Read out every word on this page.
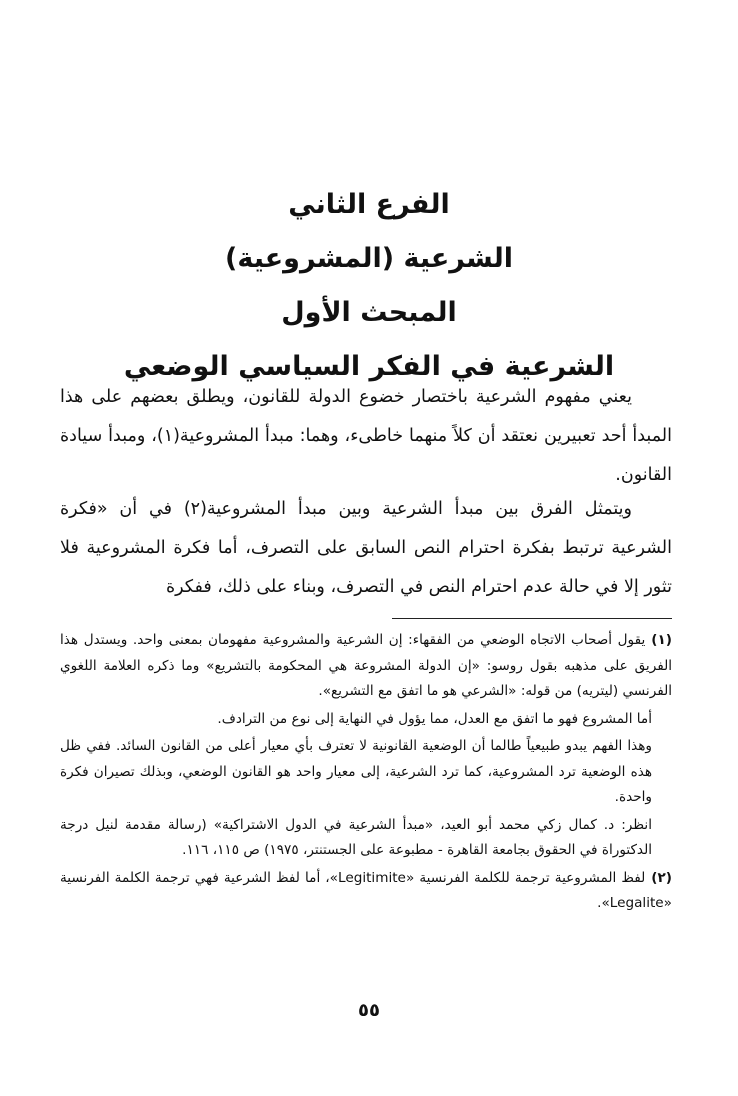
الفرع الثاني

الشرعية (المشروعية)

المبحث الأول

الشرعية في الفكر السياسي الوضعي

يعني مفهوم الشرعية باختصار خضوع الدولة للقانون، ويطلق بعضهم على هذا المبدأ أحد تعبيرين نعتقد أن كلاً منهما خاطىء، وهما: مبدأ المشروعية(١)، ومبدأ سيادة القانون.

ويتمثل الفرق بين مبدأ الشرعية وبين مبدأ المشروعية(٢) في أن «فكرة الشرعية ترتبط بفكرة احترام النص السابق على التصرف، أما فكرة المشروعية فلا تثور إلا في حالة عدم احترام النص في التصرف، وبناء على ذلك، ففكرة

(١)يقول أصحاب الاتجاه الوضعي من الفقهاء: إن الشرعية والمشروعية مفهومان بمعنى واحد. ويستدل هذا الفريق على مذهبه بقول روسو: «إن الدولة المشروعة هي المحكومة بالتشريع» وما ذكره العلامة اللغوي الفرنسي (ليتريه) من قوله: «الشرعي هو ما اتفق مع التشريع».

أما المشروع فهو ما اتفق مع العدل، مما يؤول في النهاية إلى نوع من الترادف.

وهذا الفهم يبدو طبيعياً طالما أن الوضعية القانونية لا تعترف بأي معيار أعلى من القانون السائد. ففي ظل هذه الوضعية ترد المشروعية، كما ترد الشرعية، إلى معيار واحد هو القانون الوضعي، وبذلك تصيران فكرة واحدة.

انظر: د. كمال زكي محمد أبو العيد، «مبدأ الشرعية في الدول الاشتراكية» (رسالة مقدمة لنيل درجة الدكتوراة في الحقوق بجامعة القاهرة - مطبوعة على الجستنتر، ١٩٧٥) ص ١١٥، ١١٦.

(٢)لفظ المشروعية ترجمة للكلمة الفرنسية «Legitimite»، أما لفظ الشرعية فهي ترجمة الكلمة الفرنسية «Legalite».

٥٥
